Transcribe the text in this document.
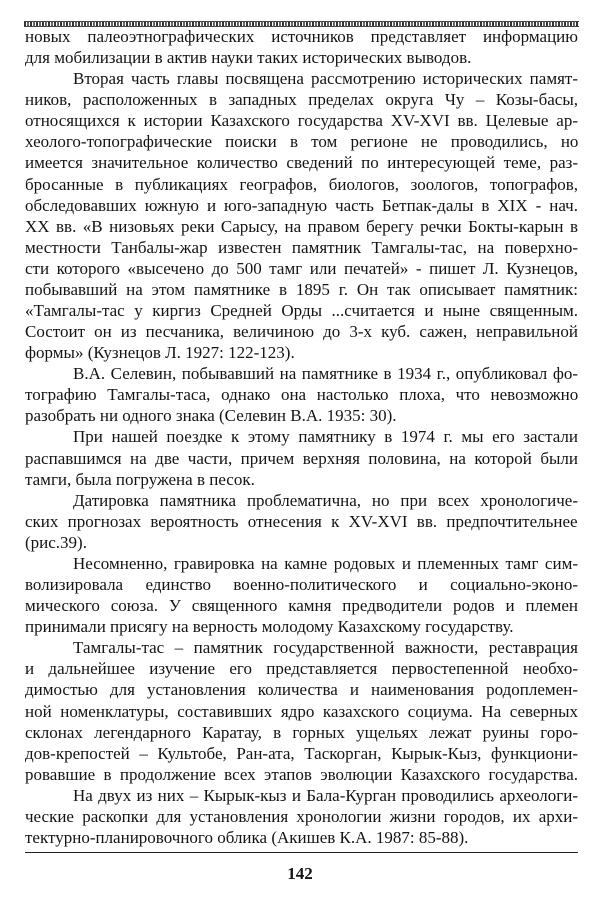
новых палеоэтнографических источников представляет информацию
для мобилизации в актив науки таких исторических выводов.
Вторая часть главы посвящена рассмотрению исторических памят-
ников, расположенных в западных пределах округа Чу – Козы-басы,
относящихся к истории Казахского государства XV-XVI вв. Целевые ар-
хеолого-топографические поиски в том регионе не проводились, но
имеется значительное количество сведений по интересующей теме, раз-
бросанные в публикациях географов, биологов, зоологов, топографов,
обследовавших южную и юго-западную часть Бетпак-далы в XIX - нач.
XX вв. «В низовьях реки Сарысу, на правом берегу речки Бокты-карын в
местности Танбалы-жар известен памятник Тамгалы-тас, на поверхно-
сти которого «высечено до 500 тамг или печатей» - пишет Л. Кузнецов,
побывавший на этом памятнике в 1895 г. Он так описывает памятник:
«Тамгалы-тас у киргиз Средней Орды ...считается и ныне священным.
Состоит он из песчаника, величиною до 3-х куб. сажен, неправильной
формы» (Кузнецов Л. 1927: 122-123).
В.А. Селевин, побывавший на памятнике в 1934 г., опубликовал фо-
тографию Тамгалы-таса, однако она настолько плоха, что невозможно
разобрать ни одного знака (Селевин В.А. 1935: 30).
При нашей поездке к этому памятнику в 1974 г. мы его застали
распавшимся на две части, причем верхняя половина, на которой были
тамги, была погружена в песок.
Датировка памятника проблематична, но при всех хронологиче-
ских прогнозах вероятность отнесения к XV-XVI вв. предпочтительнее
(рис.39).
Несомненно, гравировка на камне родовых и племенных тамг сим-
волизировала единство военно-политического и социально-эконо-
мического союза. У священного камня предводители родов и племен
принимали присягу на верность молодому Казахскому государству.
Тамгалы-тас – памятник государственной важности, реставрация
и дальнейшее изучение его представляется первостепенной необхо-
димостью для установления количества и наименования родоплемен-
ной номенклатуры, составивших ядро казахского социума. На северных
склонах легендарного Каратау, в горных ущельях лежат руины горо-
дов-крепостей – Культобе, Ран-ата, Таскорган, Кырык-Кыз, функциони-
ровавшие в продолжение всех этапов эволюции Казахского государства.
На двух из них – Кырык-кыз и Бала-Курган проводились археологи-
ческие раскопки для установления хронологии жизни городов, их архи-
тектурно-планировочного облика (Акишев К.А. 1987: 85-88).
142
